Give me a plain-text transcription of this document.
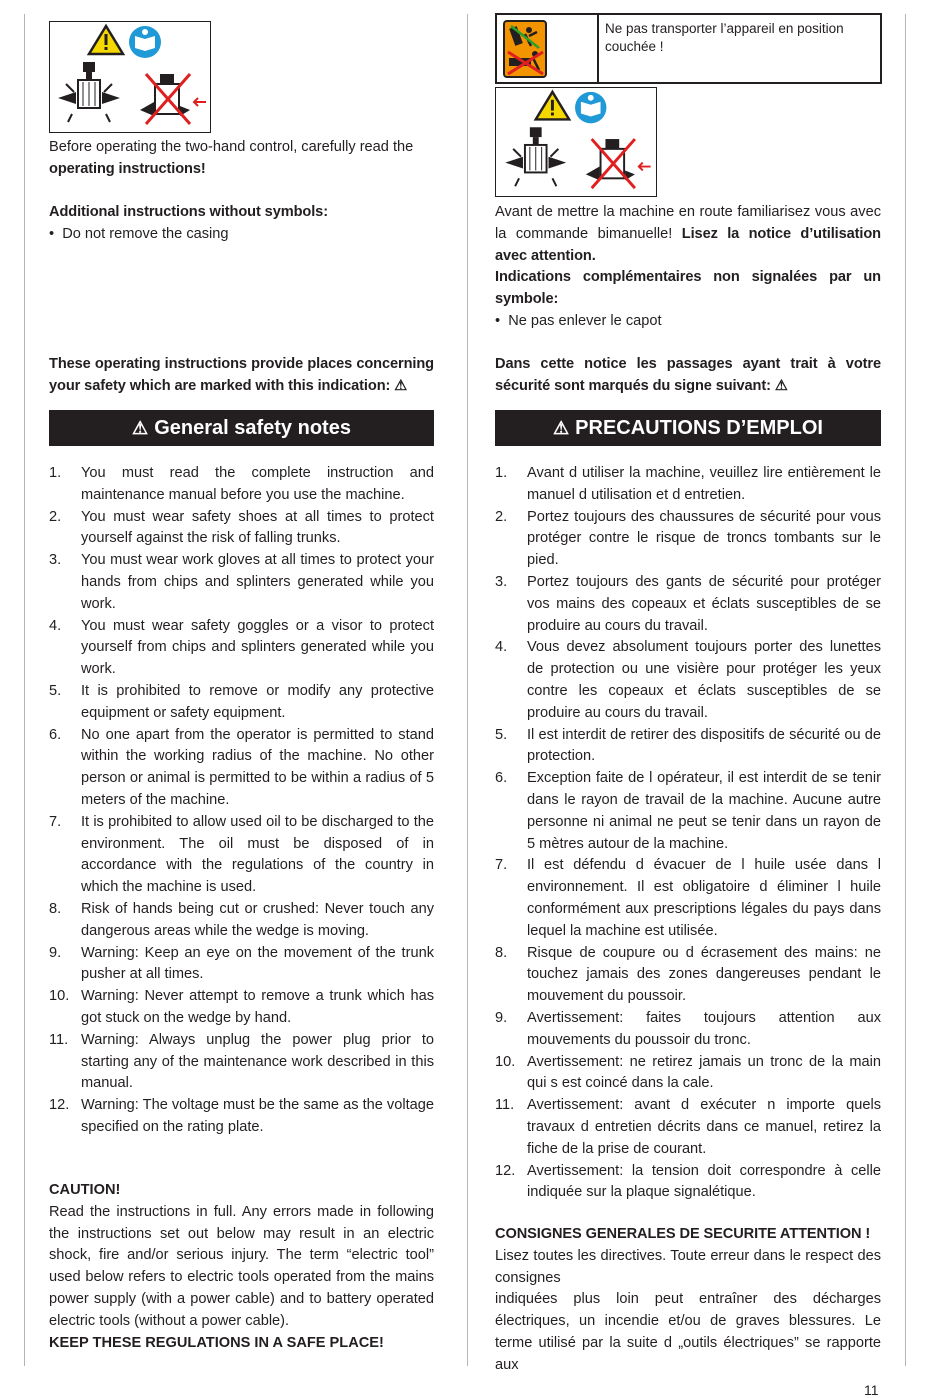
Before operating the two-hand control, carefully read the
operating instructions!
Additional instructions without symbols:
• Do not remove the casing
These operating instructions provide places concerning your safety which are marked with this indication: ⚠
⚠ General safety notes
1. You must read the complete instruction and maintenance manual before you use the machine.
2. You must wear safety shoes at all times to protect yourself against the risk of falling trunks.
3. You must wear work gloves at all times to protect your hands from chips and splinters generated while you work.
4. You must wear safety goggles or a visor to protect yourself from chips and splinters generated while you work.
5. It is prohibited to remove or modify any protective equipment or safety equipment.
6. No one apart from the operator is permitted to stand within the working radius of the machine. No other person or animal is permitted to be within a radius of 5 meters of the machine.
7. It is prohibited to allow used oil to be discharged to the environment. The oil must be disposed of in accordance with the regulations of the country in which the machine is used.
8. Risk of hands being cut or crushed: Never touch any dangerous areas while the wedge is moving.
9. Warning: Keep an eye on the movement of the trunk pusher at all times.
10. Warning: Never attempt to remove a trunk which has got stuck on the wedge by hand.
11. Warning: Always unplug the power plug prior to starting any of the maintenance work described in this manual.
12. Warning: The voltage must be the same as the voltage specified on the rating plate.
CAUTION!
Read the instructions in full. Any errors made in following the instructions set out below may result in an electric shock, fire and/or serious injury. The term “electric tool” used below refers to electric tools operated from the mains power supply (with a power cable) and to battery operated electric tools (without a power cable).
KEEP THESE REGULATIONS IN A SAFE PLACE!
Ne pas transporter l’appareil en position couchée !
Avant de mettre la machine en route familiarisez vous avec la commande bimanuelle! Lisez la notice d’utilisation avec attention.
Indications complémentaires non signalées par un symbole:
• Ne pas enlever le capot
Dans cette notice les passages ayant trait à votre sécurité sont marqués du signe suivant: ⚠
⚠ PRECAUTIONS D’EMPLOI
1. Avant d utiliser la machine, veuillez lire entièrement le manuel d utilisation et d entretien.
2. Portez toujours des chaussures de sécurité pour vous protéger contre le risque de troncs tombants sur le pied.
3. Portez toujours des gants de sécurité pour protéger vos mains des copeaux et éclats susceptibles de se produire au cours du travail.
4. Vous devez absolument toujours porter des lunettes de protection ou une visière pour protéger les yeux contre les copeaux et éclats susceptibles de se produire au cours du travail.
5. Il est interdit de retirer des dispositifs de sécurité ou de protection.
6. Exception faite de l opérateur, il est interdit de se tenir dans le rayon de travail de la machine. Aucune autre personne ni animal ne peut se tenir dans un rayon de 5 mètres autour de la machine.
7. Il est défendu d évacuer de l huile usée dans l environnement. Il est obligatoire d éliminer l huile conformément aux prescriptions légales du pays dans lequel la machine est utilisée.
8. Risque de coupure ou d écrasement des mains: ne touchez jamais des zones dangereuses pendant le mouvement du poussoir.
9. Avertissement: faites toujours attention aux mouvements du poussoir du tronc.
10. Avertissement: ne retirez jamais un tronc de la main qui s est coincé dans la cale.
11. Avertissement: avant d exécuter n importe quels travaux d entretien décrits dans ce manuel, retirez la fiche de la prise de courant.
12. Avertissement: la tension doit correspondre à celle indiquée sur la plaque signalétique.
CONSIGNES GENERALES DE SECURITE ATTENTION !
Lisez toutes les directives. Toute erreur dans le respect des consignes
indiquées plus loin peut entraîner des décharges électriques, un incendie et/ou de graves blessures. Le terme utilisé par la suite d „outils électriques” se rapporte aux
11
